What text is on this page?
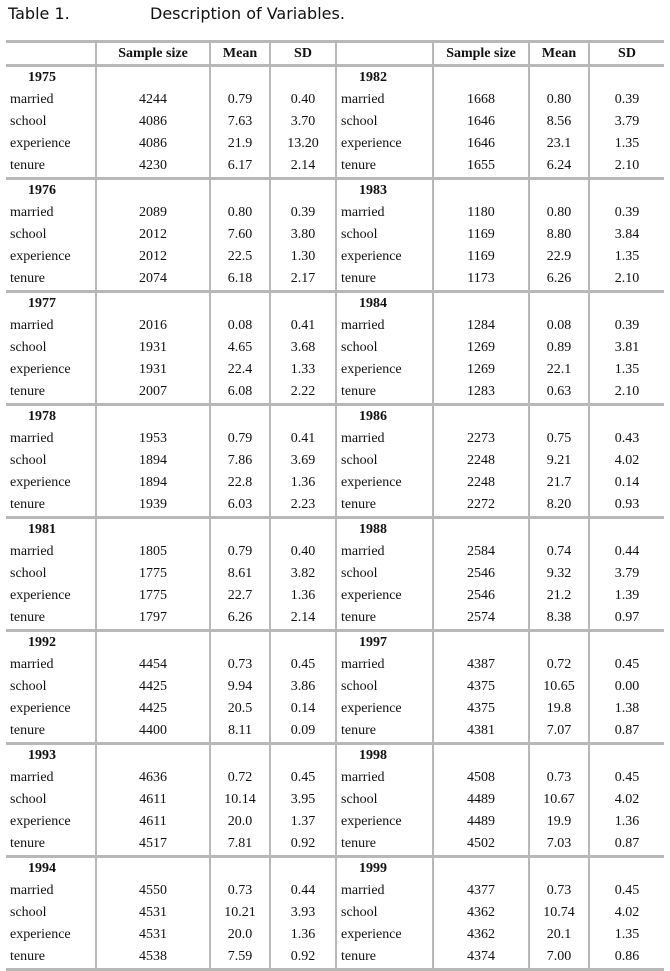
Table 1.	Description of Variables.
	Sample size	Mean	SD		Sample size	Mean	SD
1975				1982			
married	4244	0.79	0.40	married	1668	0.80	0.39
school	4086	7.63	3.70	school	1646	8.56	3.79
experience	4086	21.9	13.20	experience	1646	23.1	1.35
tenure	4230	6.17	2.14	tenure	1655	6.24	2.10
1976				1983			
married	2089	0.80	0.39	married	1180	0.80	0.39
school	2012	7.60	3.80	school	1169	8.80	3.84
experience	2012	22.5	1.30	experience	1169	22.9	1.35
tenure	2074	6.18	2.17	tenure	1173	6.26	2.10
1977				1984			
married	2016	0.08	0.41	married	1284	0.08	0.39
school	1931	4.65	3.68	school	1269	0.89	3.81
experience	1931	22.4	1.33	experience	1269	22.1	1.35
tenure	2007	6.08	2.22	tenure	1283	0.63	2.10
1978				1986			
married	1953	0.79	0.41	married	2273	0.75	0.43
school	1894	7.86	3.69	school	2248	9.21	4.02
experience	1894	22.8	1.36	experience	2248	21.7	0.14
tenure	1939	6.03	2.23	tenure	2272	8.20	0.93
1981				1988			
married	1805	0.79	0.40	married	2584	0.74	0.44
school	1775	8.61	3.82	school	2546	9.32	3.79
experience	1775	22.7	1.36	experience	2546	21.2	1.39
tenure	1797	6.26	2.14	tenure	2574	8.38	0.97
1992				1997			
married	4454	0.73	0.45	married	4387	0.72	0.45
school	4425	9.94	3.86	school	4375	10.65	0.00
experience	4425	20.5	0.14	experience	4375	19.8	1.38
tenure	4400	8.11	0.09	tenure	4381	7.07	0.87
1993				1998			
married	4636	0.72	0.45	married	4508	0.73	0.45
school	4611	10.14	3.95	school	4489	10.67	4.02
experience	4611	20.0	1.37	experience	4489	19.9	1.36
tenure	4517	7.81	0.92	tenure	4502	7.03	0.87
1994				1999			
married	4550	0.73	0.44	married	4377	0.73	0.45
school	4531	10.21	3.93	school	4362	10.74	4.02
experience	4531	20.0	1.36	experience	4362	20.1	1.35
tenure	4538	7.59	0.92	tenure	4374	7.00	0.86
